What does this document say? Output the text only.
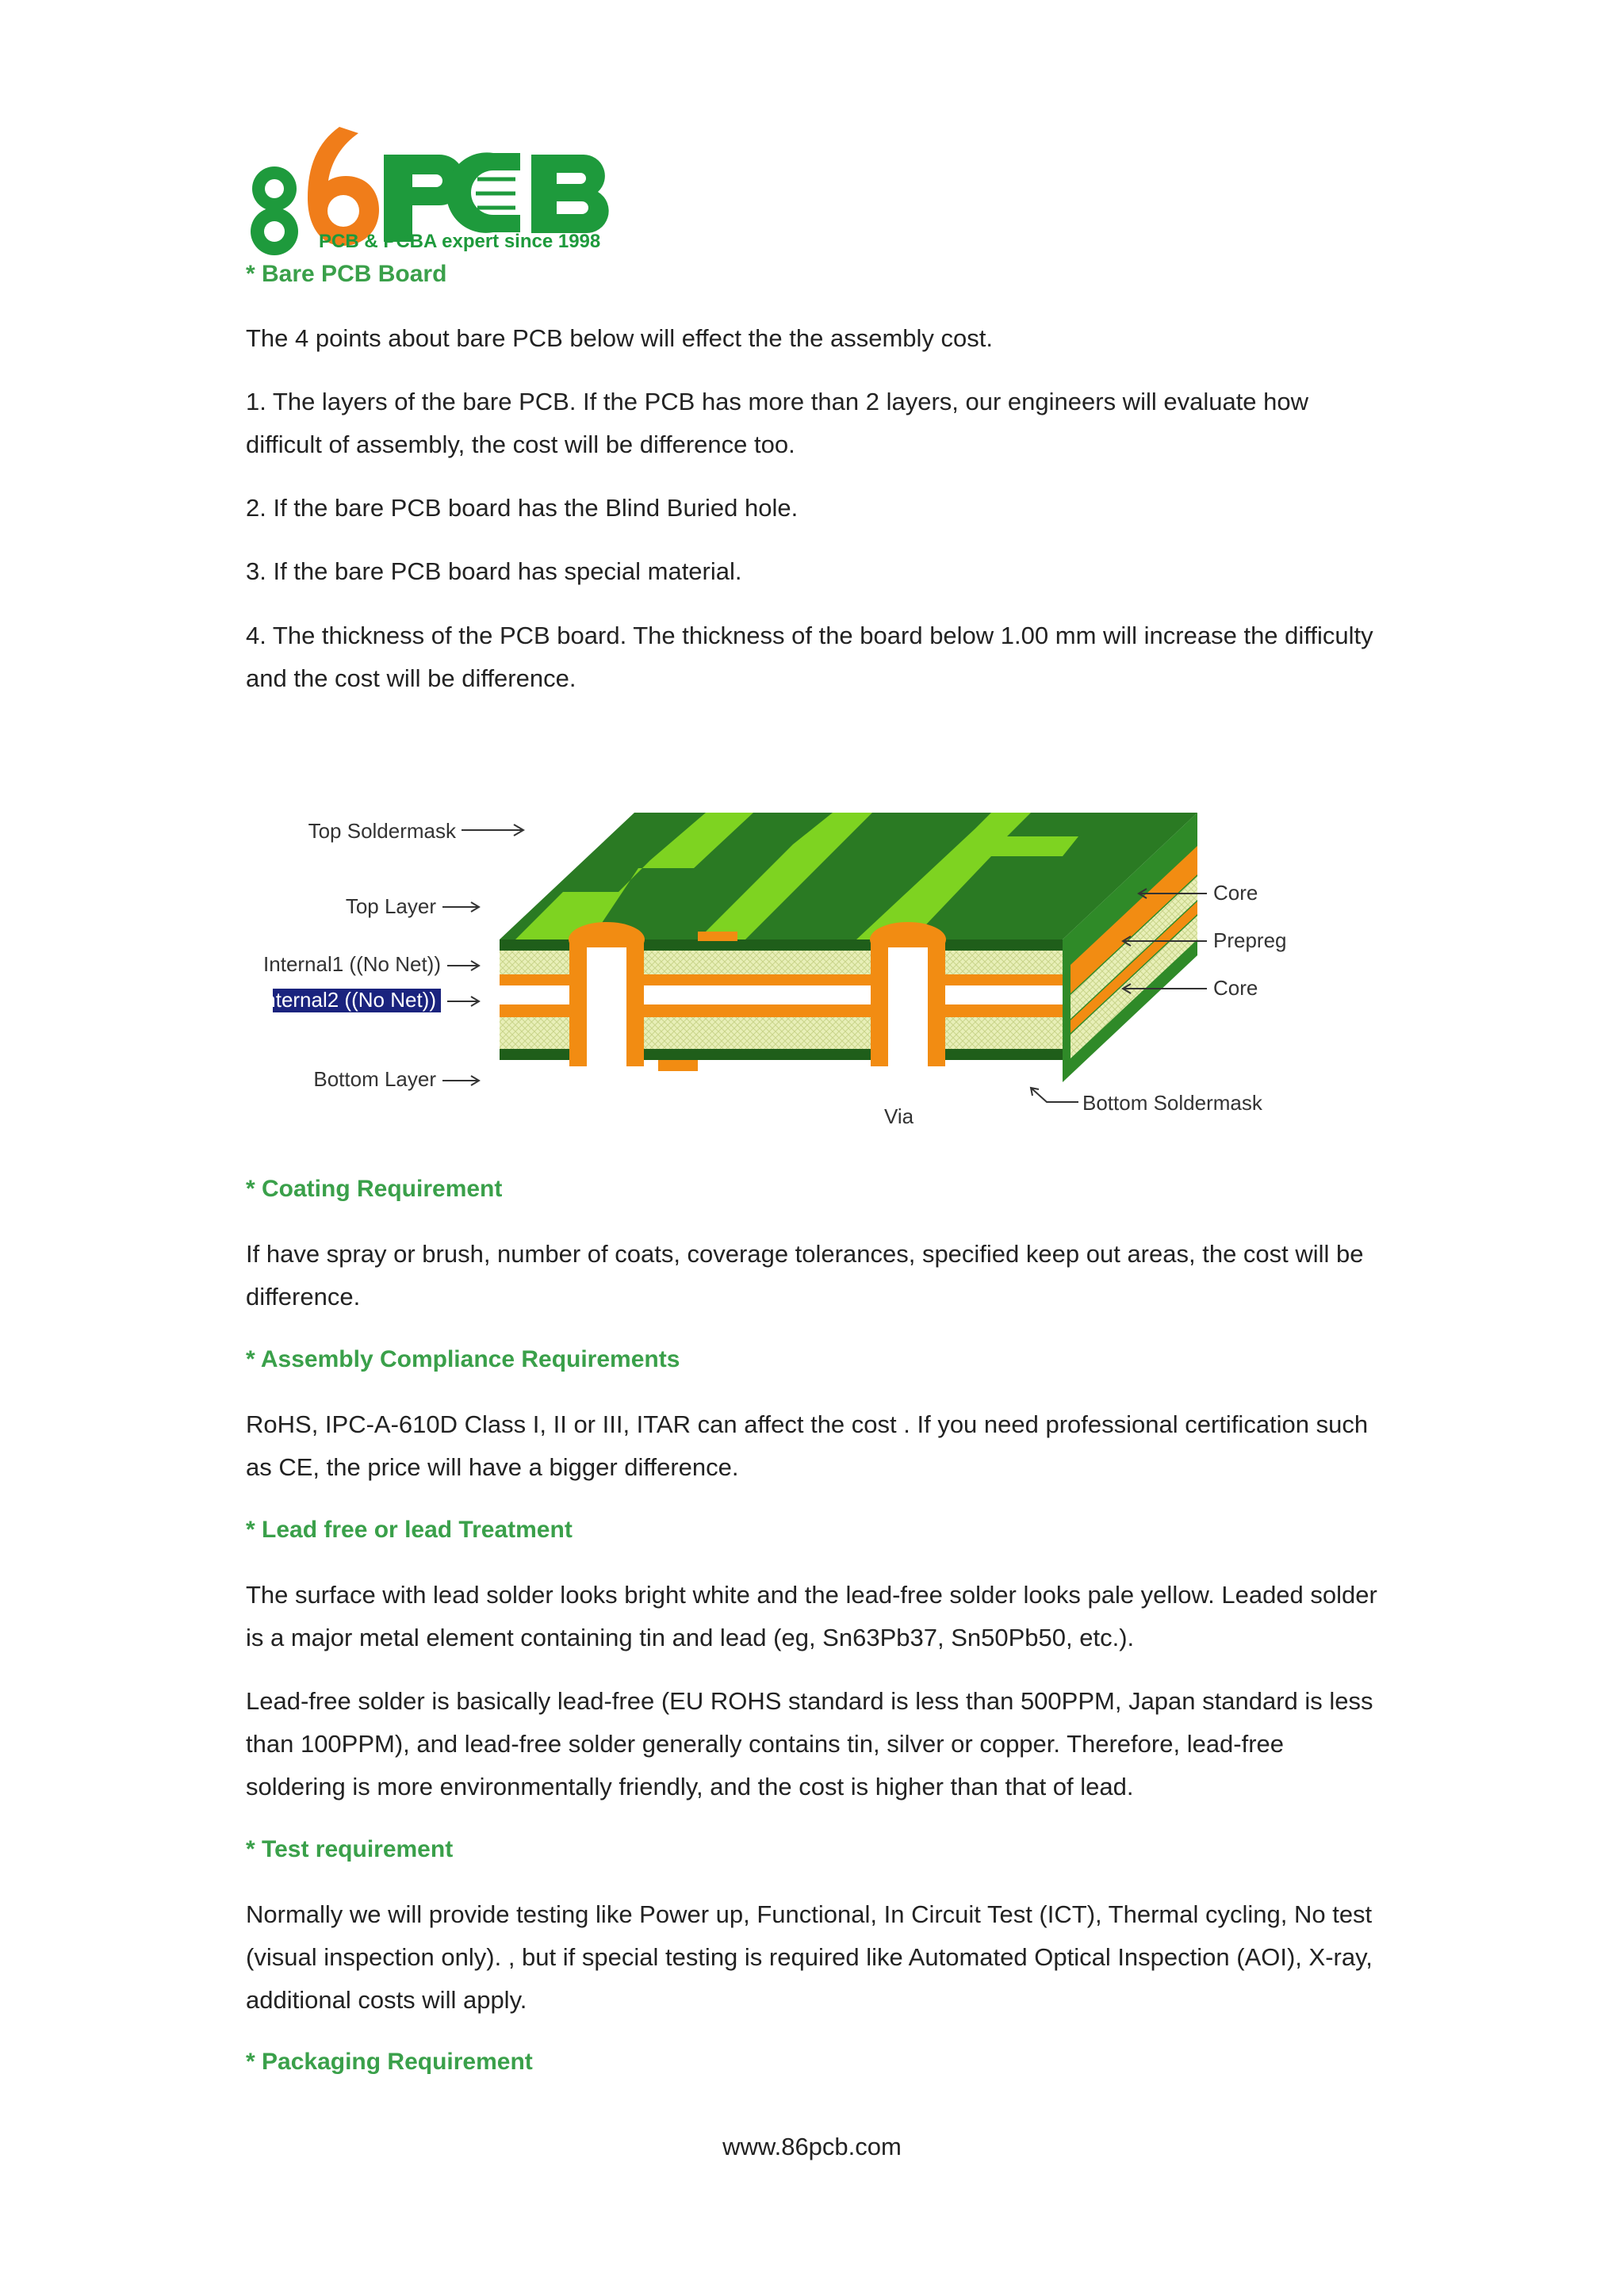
PCB & PCBA expert since 1998
* Bare PCB Board

The 4 points about bare PCB below will effect the the assembly cost.

1. The layers of the bare PCB. If the PCB has more than 2 layers, our engineers will evaluate how difficult of assembly, the cost will be difference too.

2. If the bare PCB board has the Blind Buried hole.

3. If the bare PCB board has special material.

4. The thickness of the PCB board. The thickness of the board below 1.00 mm will increase the difficulty and the cost will be difference.

Top Soldermask
Top Layer
Internal1 ((No Net))
Internal2 ((No Net))
Bottom Layer
Core
Prepreg
Core
Via
Bottom Soldermask
* Coating Requirement

If have spray or brush, number of coats, coverage tolerances, specified keep out areas, the cost will be difference.

* Assembly Compliance Requirements

RoHS, IPC-A-610D Class I, II or III, ITAR can affect the cost . If you need professional certification such as CE, the price will have a bigger difference.

* Lead free or lead Treatment

The surface with lead solder looks bright white and the lead-free solder looks pale yellow. Leaded solder is a major metal element containing tin and lead (eg, Sn63Pb37, Sn50Pb50, etc.).

Lead-free solder is basically lead-free (EU ROHS standard is less than 500PPM, Japan standard is less than 100PPM), and lead-free solder generally contains tin, silver or copper. Therefore, lead-free soldering is more environmentally friendly, and the cost is higher than that of lead.

* Test requirement

Normally we will provide testing like Power up, Functional, In Circuit Test (ICT), Thermal cycling, No test (visual inspection only). , but if special testing is required like Automated Optical Inspection (AOI), X-ray, additional costs will apply.

* Packaging Requirement
www.86pcb.com
